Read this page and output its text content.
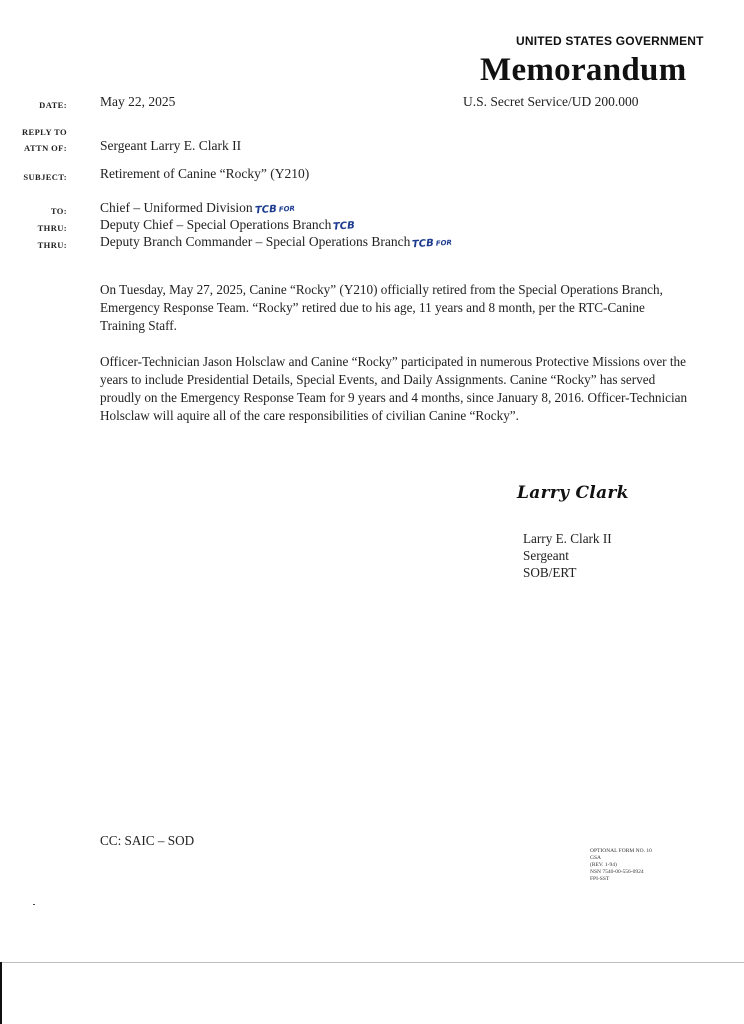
UNITED STATES GOVERNMENT
Memorandum
U.S. Secret Service/UD 200.000
DATE: May 22, 2025
REPLY TO
ATTN OF: Sergeant Larry E. Clark II
SUBJECT: Retirement of Canine “Rocky” (Y210)
TO: Chief – Uniformed Division TCBFOR
THRU: Deputy Chief – Special Operations Branch TCB
THRU: Deputy Branch Commander – Special Operations Branch TCBFOR
On Tuesday, May 27, 2025, Canine “Rocky” (Y210) officially retired from the Special Operations Branch, Emergency Response Team. “Rocky” retired due to his age, 11 years and 8 month, per the RTC-Canine Training Staff.
Officer-Technician Jason Holsclaw and Canine “Rocky” participated in numerous Protective Missions over the years to include Presidential Details, Special Events, and Daily Assignments. Canine “Rocky” has served proudly on the Emergency Response Team for 9 years and 4 months, since January 8, 2016. Officer-Technician Holsclaw will aquire all of the care responsibilities of civilian Canine “Rocky”.
Larry Clark
Larry E. Clark II
Sergeant
SOB/ERT
CC: SAIC – SOD
OPTIONAL FORM NO. 10
GSA
(REV. 1-94)
NSN 7540-00-556-0924
FPI-SST
